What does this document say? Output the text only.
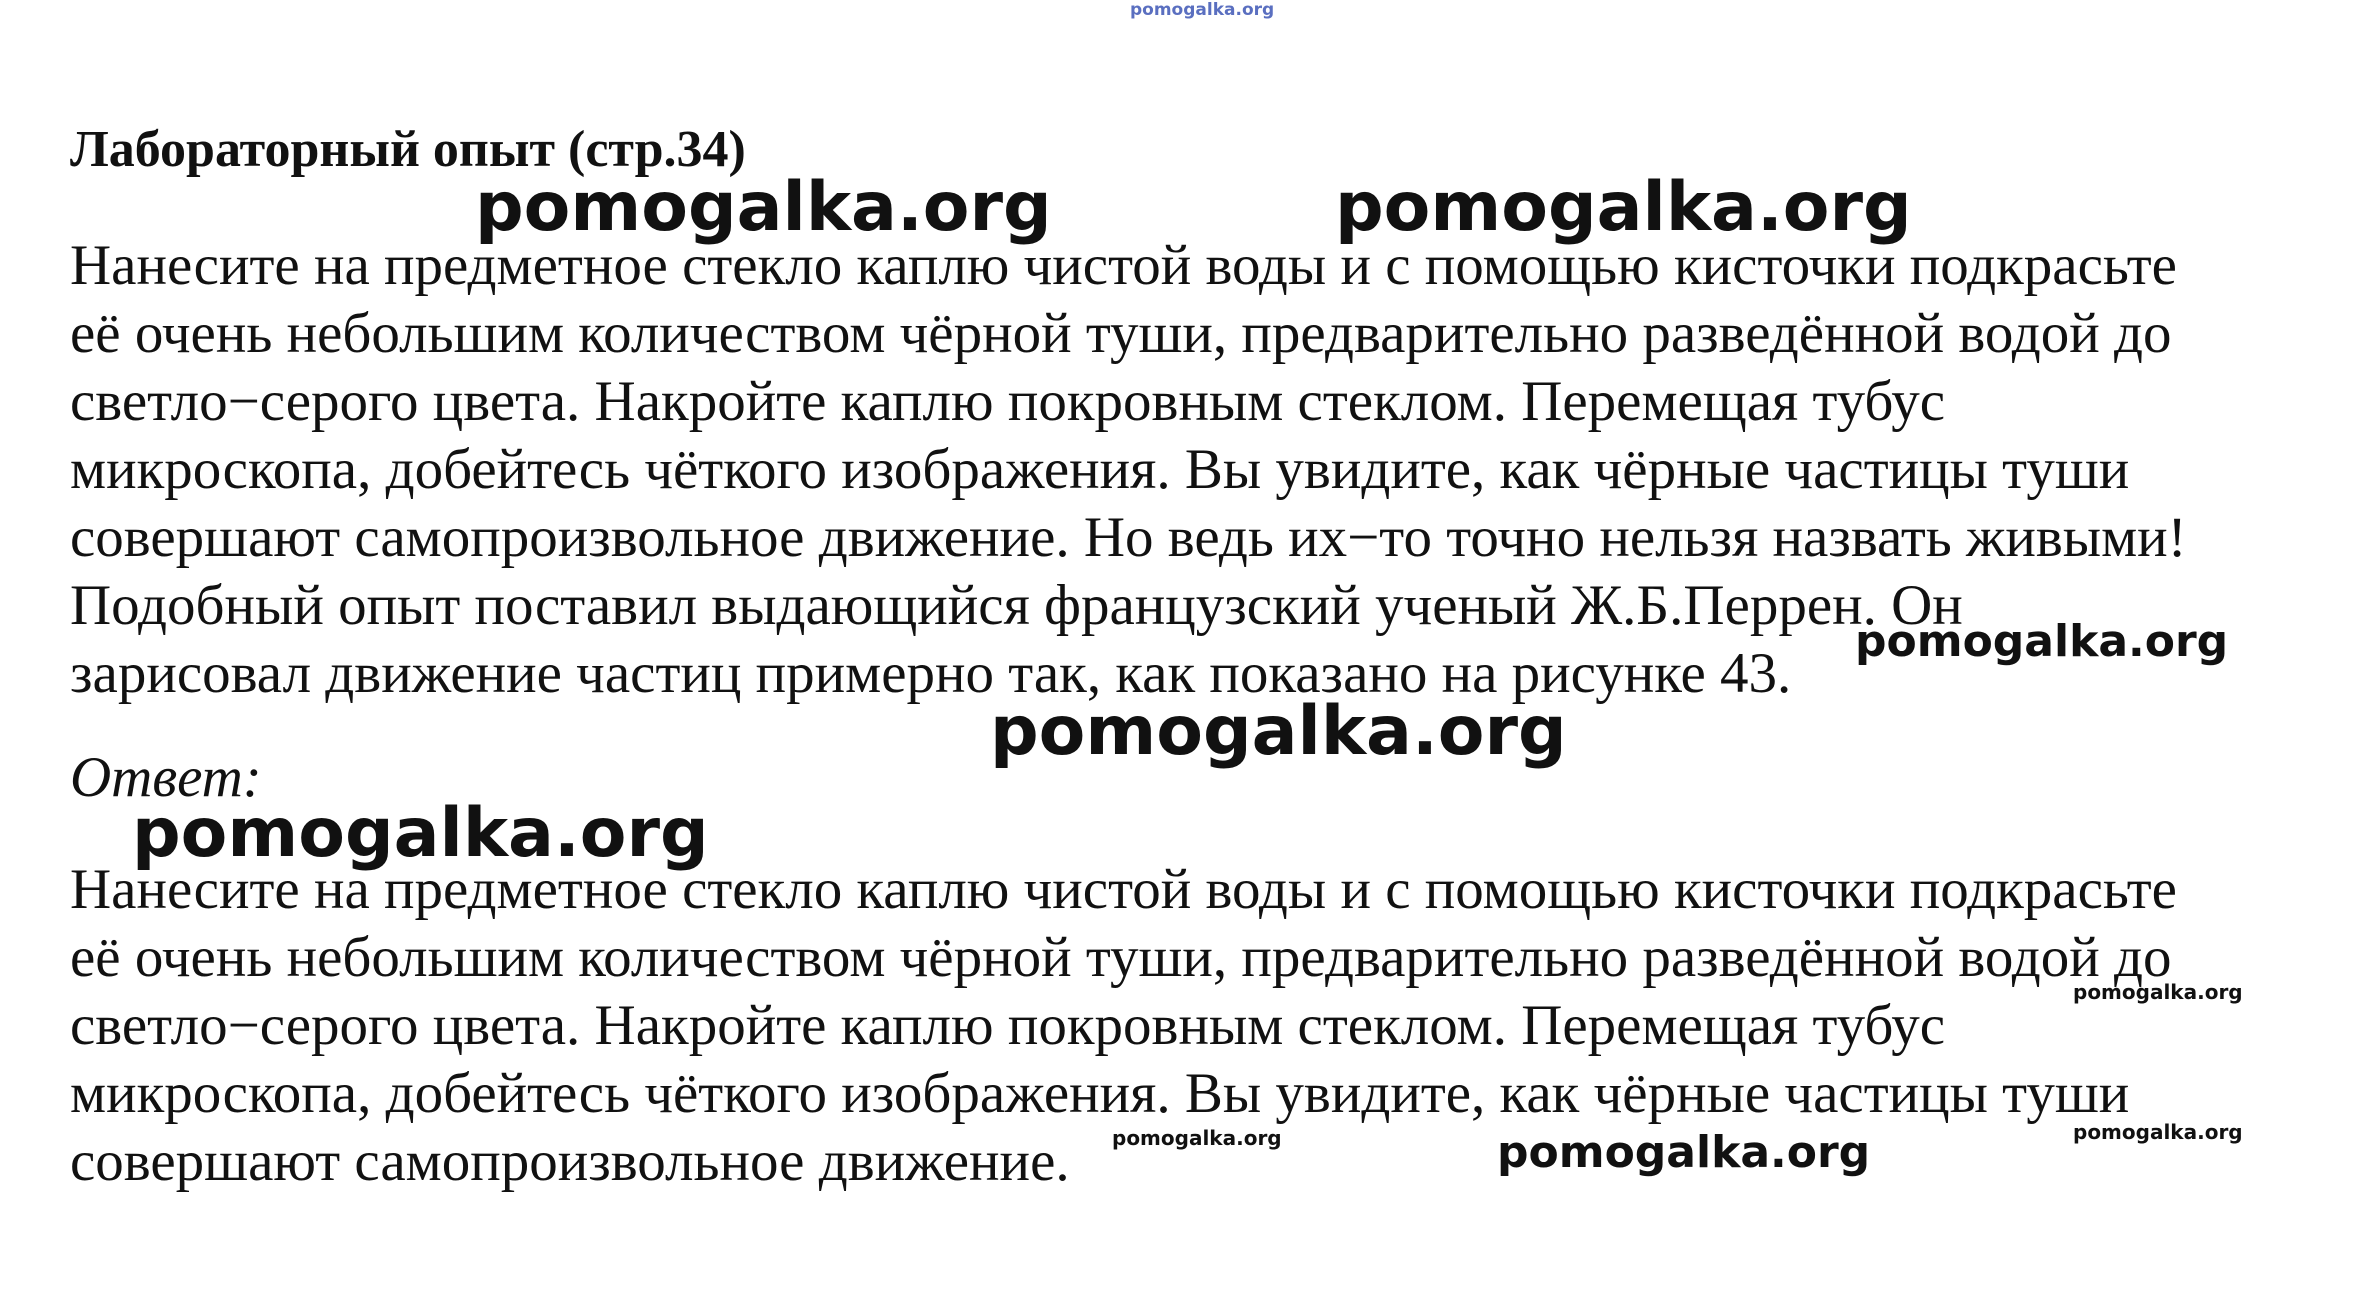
pomogalka.org
Лабораторный опыт (стр.34)
Нанесите на предметное стекло каплю чистой воды и с помощью кисточки подкрасьте
её очень небольшим количеством чёрной туши, предварительно разведённой водой до
светло−серого цвета. Накройте каплю покровным стеклом. Перемещая тубус
микроскопа, добейтесь чёткого изображения. Вы увидите, как чёрные частицы туши
совершают самопроизвольное движение. Но ведь их−то точно нельзя назвать живыми!
Подобный опыт поставил выдающийся французский ученый Ж.Б.Перрен. Он
зарисовал движение частиц примерно так, как показано на рисунке 43.
Ответ:
Нанесите на предметное стекло каплю чистой воды и с помощью кисточки подкрасьте
её очень небольшим количеством чёрной туши, предварительно разведённой водой до
светло−серого цвета. Накройте каплю покровным стеклом. Перемещая тубус
микроскопа, добейтесь чёткого изображения. Вы увидите, как чёрные частицы туши
совершают самопроизвольное движение.
pomogalka.org	pomogalka.org
pomogalka.org
pomogalka.org
pomogalka.org
pomogalka.org
pomogalka.org
pomogalka.org	pomogalka.org
